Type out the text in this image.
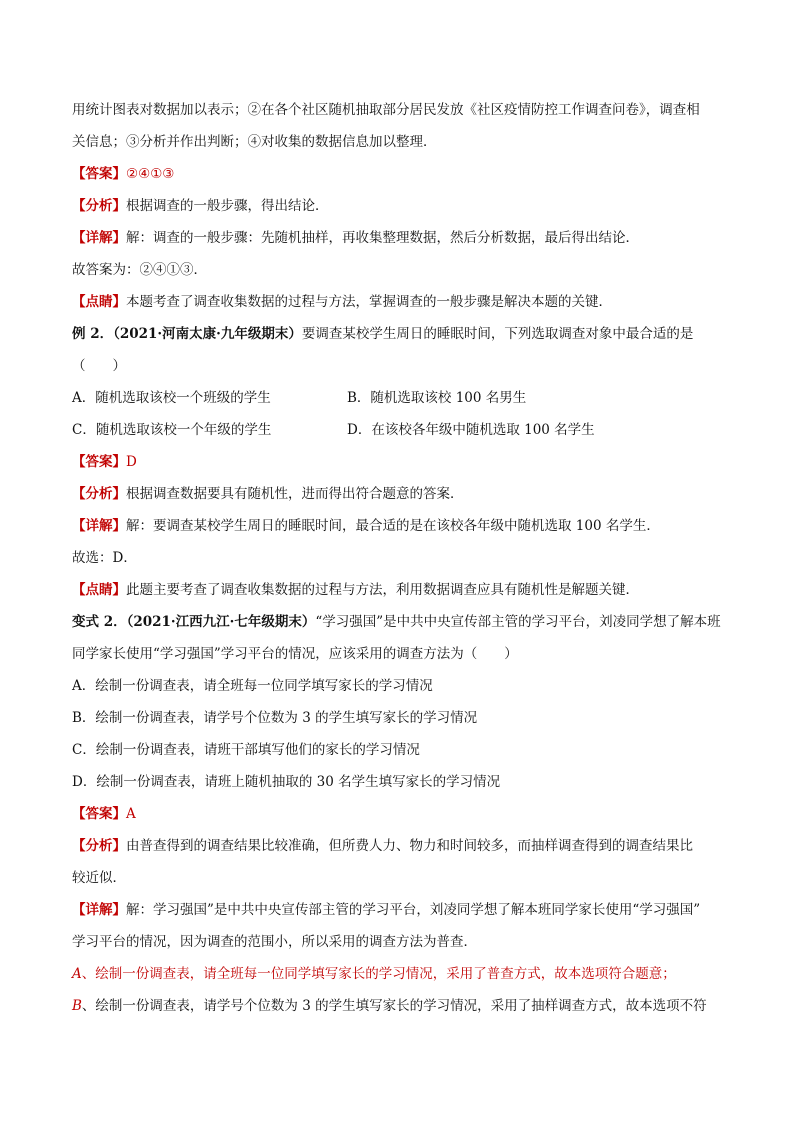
用统计图表对数据加以表示；②在各个社区随机抽取部分居民发放《社区疫情防控工作调查问卷》，调查相
关信息；③分析并作出判断；④对收集的数据信息加以整理．
【答案】②④①③
【分析】根据调查的一般步骤，得出结论．
【详解】解：调查的一般步骤：先随机抽样，再收集整理数据，然后分析数据，最后得出结论．
故答案为：②④①③．
【点睛】本题考查了调查收集数据的过程与方法，掌握调查的一般步骤是解决本题的关键．
例 2．（2021·河南太康·九年级期末）要调查某校学生周日的睡眠时间，下列选取调查对象中最合适的是
（　　）
A．随机选取该校一个班级的学生	B．随机选取该校 100 名男生
C．随机选取该校一个年级的学生	D．在该校各年级中随机选取 100 名学生
【答案】D
【分析】根据调查数据要具有随机性，进而得出符合题意的答案．
【详解】解：要调查某校学生周日的睡眠时间，最合适的是在该校各年级中随机选取 100 名学生．
故选：D．
【点睛】此题主要考查了调查收集数据的过程与方法，利用数据调查应具有随机性是解题关键．
变式 2．（2021·江西九江·七年级期末）“学习强国”是中共中央宣传部主管的学习平台，刘凌同学想了解本班
同学家长使用“学习强国”学习平台的情况，应该采用的调查方法为（　　）
A．绘制一份调查表，请全班每一位同学填写家长的学习情况
B．绘制一份调查表，请学号个位数为 3 的学生填写家长的学习情况
C．绘制一份调查表，请班干部填写他们的家长的学习情况
D．绘制一份调查表，请班上随机抽取的 30 名学生填写家长的学习情况
【答案】A
【分析】由普查得到的调查结果比较准确，但所费人力、物力和时间较多，而抽样调查得到的调查结果比
较近似．
【详解】解：学习强国”是中共中央宣传部主管的学习平台，刘凌同学想了解本班同学家长使用“学习强国”
学习平台的情况，因为调查的范围小，所以采用的调查方法为普查．
A、绘制一份调查表，请全班每一位同学填写家长的学习情况，采用了普查方式，故本选项符合题意；
B、绘制一份调查表，请学号个位数为 3 的学生填写家长的学习情况，采用了抽样调查方式，故本选项不符
